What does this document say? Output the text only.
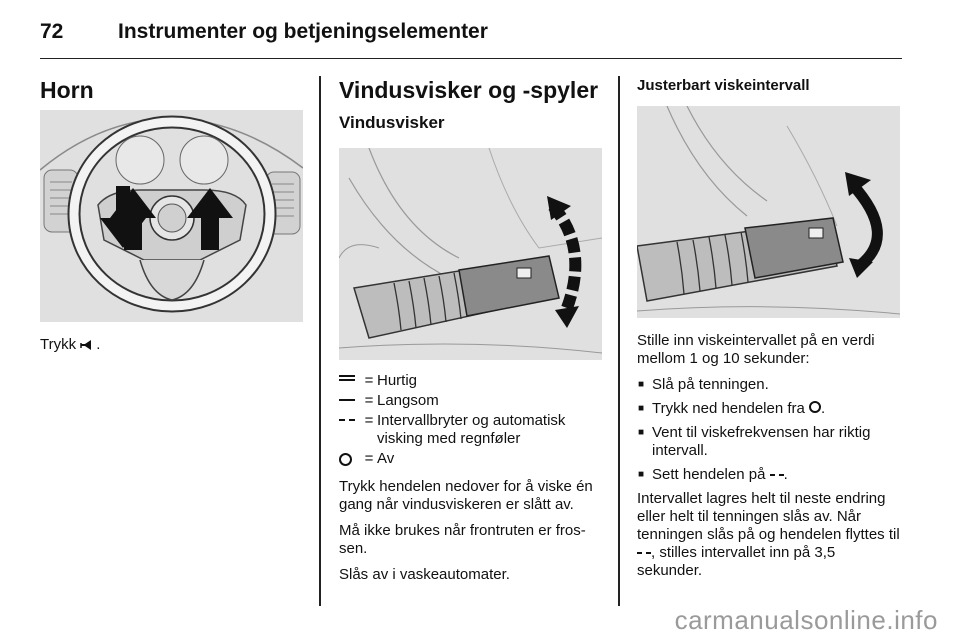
72	Instrumenter og betjeningselementer
Horn

Trykk .

Vindusvisker og -spyler
Vindusvisker
= Hurtig
= Langsom
= Intervallbryter og automatisk visking med regnføler
= Av

Trykk hendelen nedover for å viske én gang når vindusviskeren er slått av.

Må ikke brukes når frontruten er fros-sen.

Slås av i vaskeautomater.

Justerbart viskeintervall

Stille inn viskeintervallet på en verdi mellom 1 og 10 sekunder:

■ Slå på tenningen.
■ Trykk ned hendelen fra .
■ Vent til viskefrekvensen har riktig intervall.
■ Sett hendelen på .

Intervallet lagres helt til neste endring eller helt til tenningen slås av. Når tenningen slås på og hendelen flyttes til , stilles intervallet inn på 3,5 sekunder.

carmanualsonline.info
